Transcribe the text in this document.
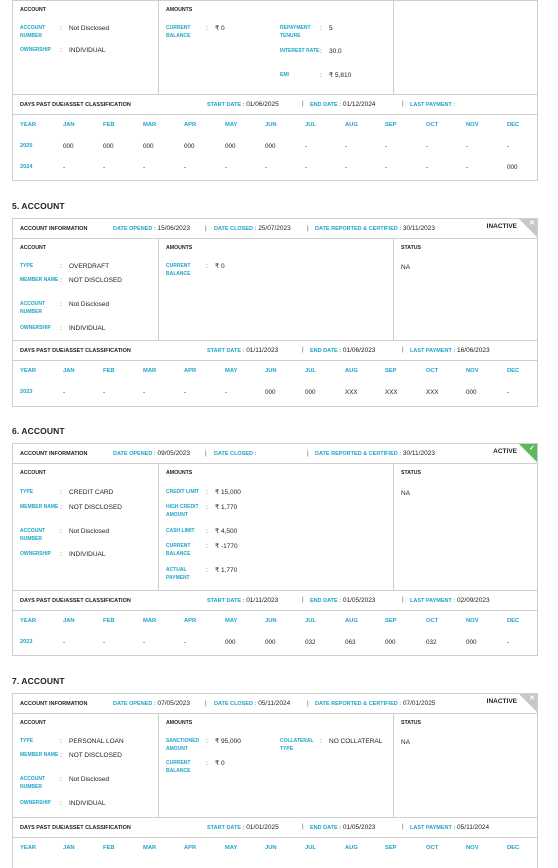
ACCOUNT
ACCOUNT NUMBER
:	Not Disclosed
OWNERSHIP	:	INDIVIDUAL
AMOUNTS
CURRENT BALANCE
:	₹ 0	REPAYMENT TENURE
:	5
INTEREST RATE :	30.0
EMI	:	₹ 5,810
DAYS PAST DUE/ASSET CLASSIFICATION	START DATE : 01/06/2025	| END DATE : 01/12/2024	| LAST PAYMENT :
YEAR	JAN	FEB	MAR	APR	MAY	JUN	JUL	AUG	SEP	OCT	NOV	DEC
2025	000	000	000	000	000	000	-	-	-	-	-	-
2024	-	-	-	-	-	-	-	-	-	-	-	000
5. ACCOUNT
ACCOUNT INFORMATION	DATE OPENED : 15/06/2023 | DATE CLOSED : 25/07/2023	| DATE REPORTED & CERTIFIED : 30/11/2023	INACTIVE ✕
ACCOUNT
TYPE	:	OVERDRAFT
MEMBER NAME :	NOT DISCLOSED
ACCOUNT NUMBER
:	Not Disclosed
OWNERSHIP	:	INDIVIDUAL
AMOUNTS
CURRENT BALANCE
:	₹ 0
STATUS
NA
DAYS PAST DUE/ASSET CLASSIFICATION	START DATE : 01/11/2023	| END DATE : 01/06/2023	| LAST PAYMENT : 16/06/2023
YEAR	JAN	FEB	MAR	APR	MAY	JUN	JUL	AUG	SEP	OCT	NOV	DEC
2023	-	-	-	-	-	000	000	XXX	XXX	XXX	000	-
6. ACCOUNT
ACCOUNT INFORMATION	DATE OPENED : 09/05/2023 | DATE CLOSED :	| DATE REPORTED & CERTIFIED : 30/11/2023	ACTIVE ✓
ACCOUNT
TYPE	:	CREDIT CARD
MEMBER NAME :	NOT DISCLOSED
ACCOUNT NUMBER
:	Not Disclosed
OWNERSHIP	:	INDIVIDUAL
AMOUNTS
CREDIT LIMIT	:	₹ 15,000
HIGH CREDIT AMOUNT
:	₹ 1,770
CASH LIMIT	:	₹ 4,500
CURRENT BALANCE
:	₹ -1770
ACTUAL PAYMENT
:	₹ 1,770
STATUS
NA
DAYS PAST DUE/ASSET CLASSIFICATION	START DATE : 01/11/2023	| END DATE : 01/05/2023	| LAST PAYMENT : 02/09/2023
YEAR	JAN	FEB	MAR	APR	MAY	JUN	JUL	AUG	SEP	OCT	NOV	DEC
2023	-	-	-	-	000	000	032	063	000	032	000	-
7. ACCOUNT
ACCOUNT INFORMATION	DATE OPENED : 07/05/2023 | DATE CLOSED : 05/11/2024	| DATE REPORTED & CERTIFIED : 07/01/2025	INACTIVE ✕
ACCOUNT
TYPE	:	PERSONAL LOAN
MEMBER NAME :	NOT DISCLOSED
ACCOUNT NUMBER
:	Not Disclosed
OWNERSHIP	:	INDIVIDUAL
AMOUNTS
SANCTIONED AMOUNT
:	₹ 95,000	COLLATERAL TYPE
:	NO COLLATERAL
CURRENT BALANCE
:	₹ 0
STATUS
NA
DAYS PAST DUE/ASSET CLASSIFICATION	START DATE : 01/01/2025	| END DATE : 01/05/2023	| LAST PAYMENT : 05/11/2024
YEAR	JAN	FEB	MAR	APR	MAY	JUN	JUL	AUG	SEP	OCT	NOV	DEC
